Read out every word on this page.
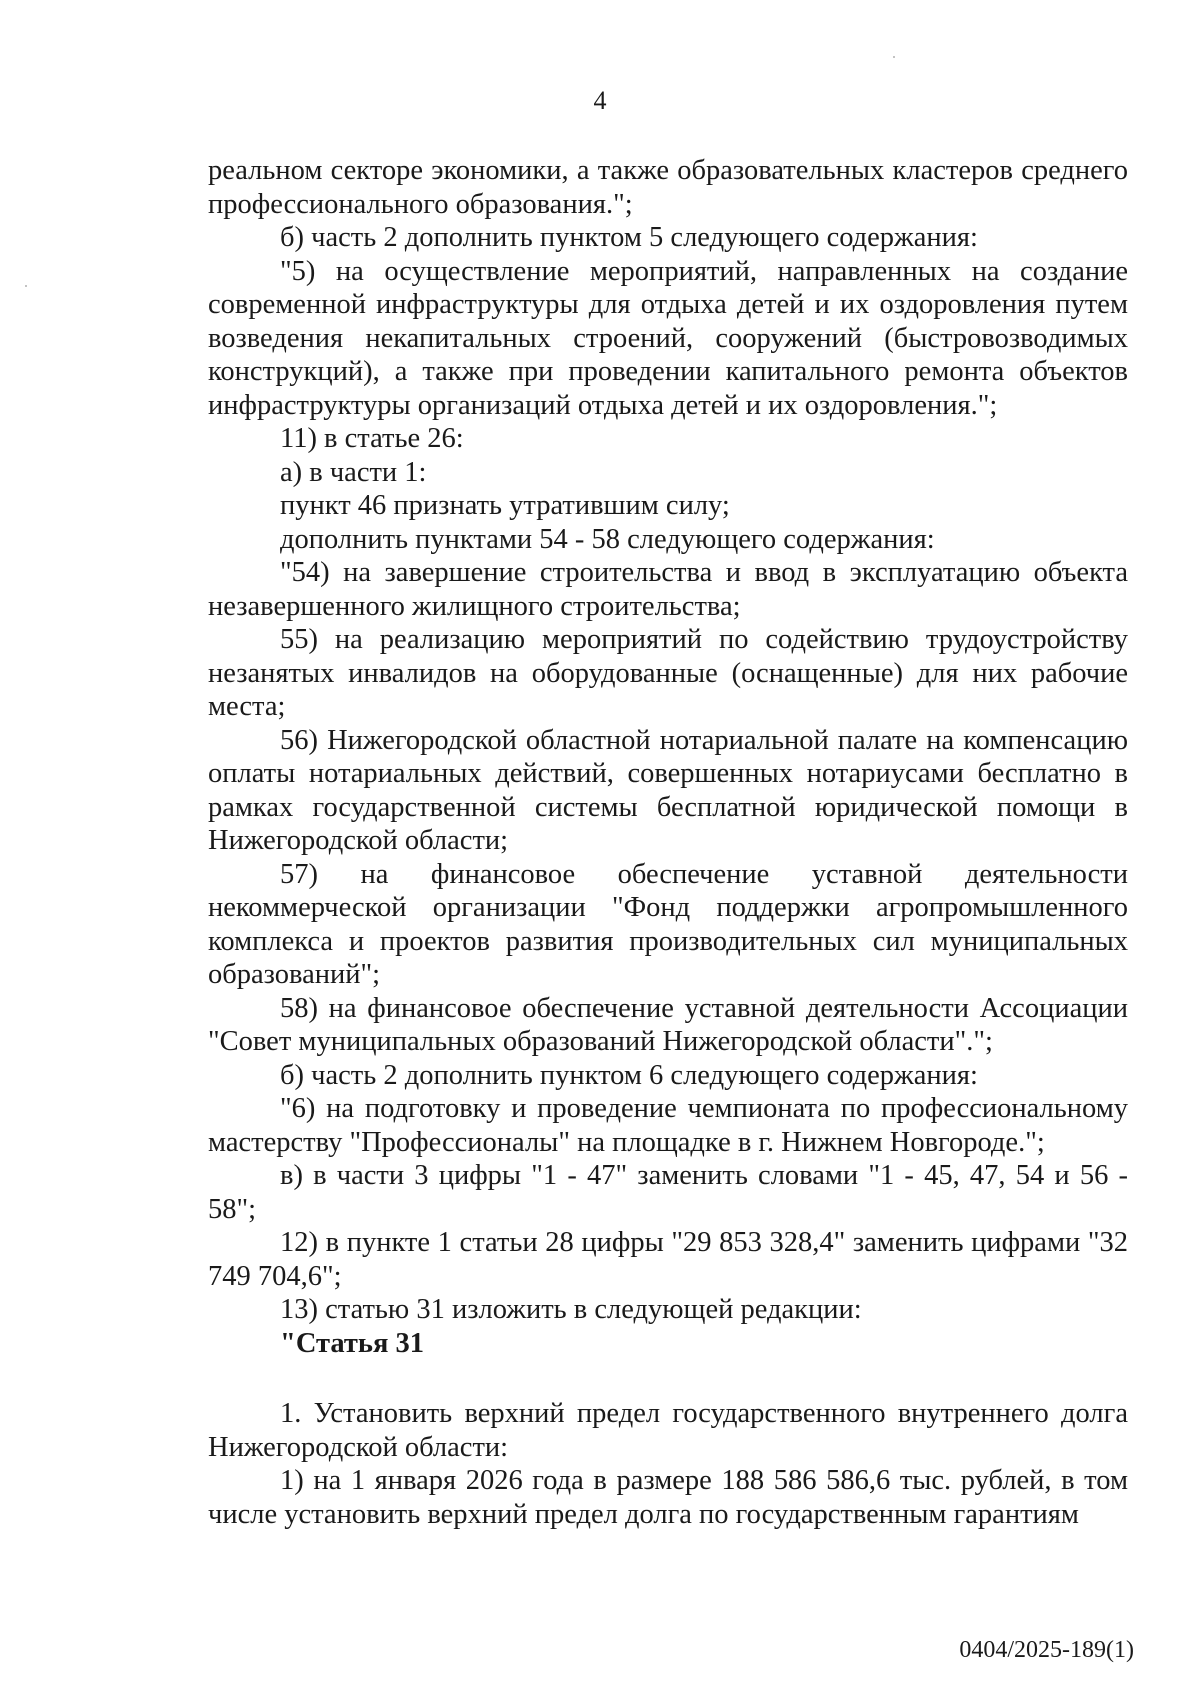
4

реальном секторе экономики, а также образовательных кластеров среднего профессионального образования.";

б) часть 2 дополнить пунктом 5 следующего содержания:

"5) на осуществление мероприятий, направленных на создание современной инфраструктуры для отдыха детей и их оздоровления путем возведения некапитальных строений, сооружений (быстровозводимых конструкций), а также при проведении капитального ремонта объектов инфраструктуры организаций отдыха детей и их оздоровления.";

11) в статье 26:

а) в части 1:

пункт 46 признать утратившим силу;

дополнить пунктами 54 - 58 следующего содержания:

"54) на завершение строительства и ввод в эксплуатацию объекта незавершенного жилищного строительства;

55) на реализацию мероприятий по содействию трудоустройству незанятых инвалидов на оборудованные (оснащенные) для них рабочие места;

56) Нижегородской областной нотариальной палате на компенсацию оплаты нотариальных действий, совершенных нотариусами бесплатно в рамках государственной системы бесплатной юридической помощи в Нижегородской области;

57) на финансовое обеспечение уставной деятельности некоммерческой организации "Фонд поддержки агропромышленного комплекса и проектов развития производительных сил муниципальных образований";

58) на финансовое обеспечение уставной деятельности Ассоциации "Совет муниципальных образований Нижегородской области".";

б) часть 2 дополнить пунктом 6 следующего содержания:

"6) на подготовку и проведение чемпионата по профессиональному мастерству "Профессионалы" на площадке в г. Нижнем Новгороде.";

в) в части 3 цифры "1 - 47" заменить словами "1 - 45, 47, 54 и 56 - 58";

12) в пункте 1 статьи 28 цифры "29 853 328,4" заменить цифрами "32 749 704,6";

13) статью 31 изложить в следующей редакции:

"Статья 31

1. Установить верхний предел государственного внутреннего долга Нижегородской области:

1) на 1 января 2026 года в размере 188 586 586,6 тыс. рублей, в том числе установить верхний предел долга по государственным гарантиям

0404/2025-189(1)
